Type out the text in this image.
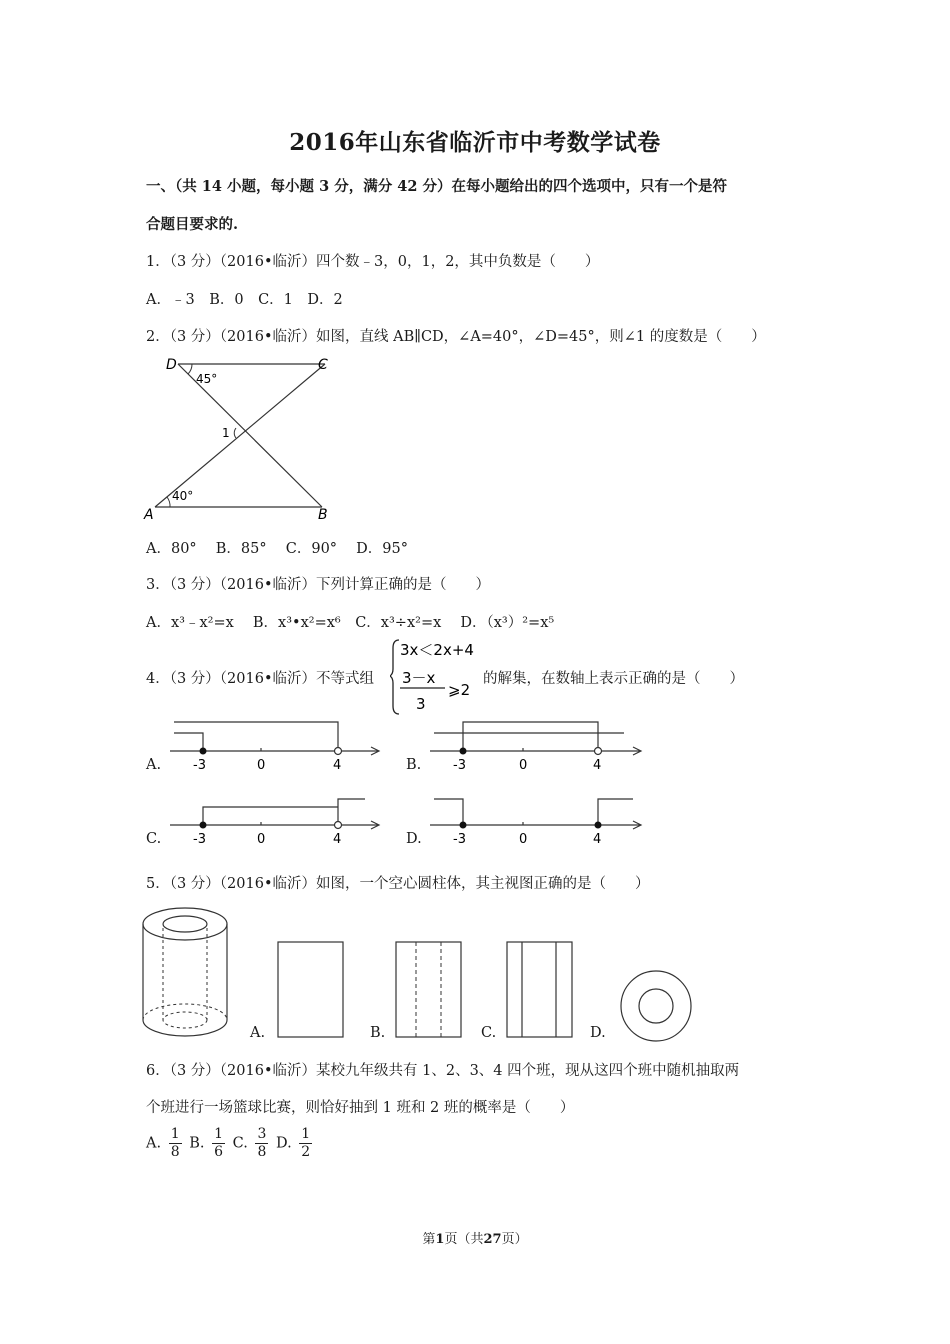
2016年山东省临沂市中考数学试卷
一、（共 14 小题，每小题 3 分，满分 42 分）在每小题给出的四个选项中，只有一个是符
合题目要求的.
1．（3 分）（2016•临沂）四个数﹣3，0，1，2，其中负数是（　　）
A．﹣3　B．0　C．1　D．2
2．（3 分）（2016•临沂）如图，直线 AB∥CD，∠A=40°，∠D=45°，则∠1 的度数是（　　）
D	C
A	B
45°
40°
1
A．80°　 B．85°　 C．90°　 D．95°
3．（3 分）（2016•临沂）下列计算正确的是（　　）
A．x³﹣x²=x　 B．x³•x²=x⁶　C．x³÷x²=x　 D．（x³）²=x⁵
4．（3 分）（2016•临沂）不等式组
3x＜2x+4
3－x
3
⩾2
的解集，在数轴上表示正确的是（　　）
A. -3	0	4	B. -3	0	4
C. -3	0	4	D. -3	0	4
5．（3 分）（2016•临沂）如图，一个空心圆柱体，其主视图正确的是（　　）
A.	B.	C.	D.
6．（3 分）（2016•临沂）某校九年级共有 1、2、3、4 四个班，现从这四个班中随机抽取两
个班进行一场篮球比赛，则恰好抽到 1 班和 2 班的概率是（　　）
A. $\frac{1}{8} B$. $\frac{1}{6} C$. $\frac{3}{8} D$. $\frac{1}{2}$
第1页（共27页）
